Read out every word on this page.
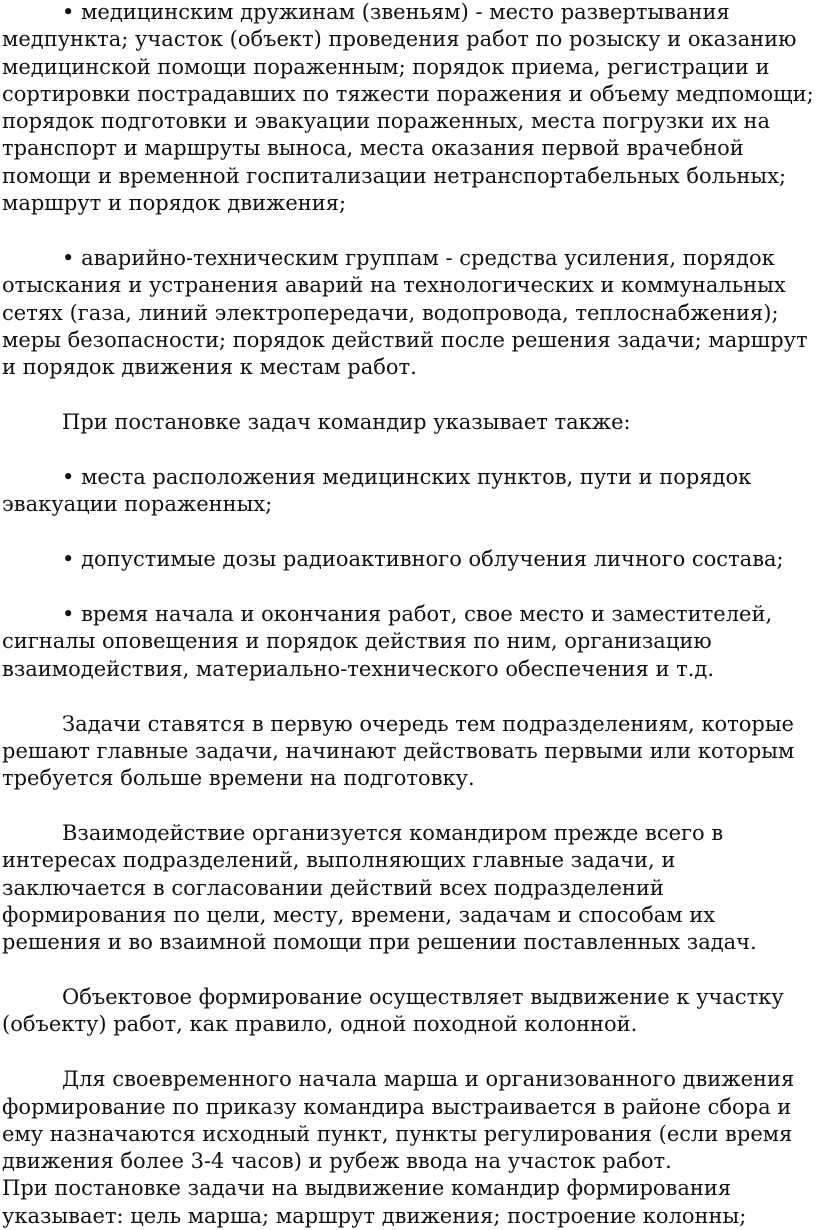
• медицинским дружинам (звеньям) - место развертывания медпункта; участок (объект) проведения работ по розыску и оказанию медицинской помощи пораженным; порядок приема, регистрации и сортировки пострадавших по тяжести поражения и объему медпомощи; порядок подготовки и эвакуации пораженных, места погрузки их на транспорт и маршруты выноса, места оказания первой врачебной помощи и временной госпитализации нетранспортабельных больных; маршрут и порядок движения;

• аварийно-техническим группам - средства усиления, порядок отыскания и устранения аварий на технологических и коммунальных сетях (газа, линий электропередачи, водопровода, теплоснабжения); меры безопасности; порядок действий после решения задачи; маршрут и порядок движения к местам работ.

При постановке задач командир указывает также:

• места расположения медицинских пунктов, пути и порядок эвакуации пораженных;

• допустимые дозы радиоактивного облучения личного состава;

• время начала и окончания работ, свое место и заместителей, сигналы оповещения и порядок действия по ним, организацию взаимодействия, материально-технического обеспечения и т.д.

Задачи ставятся в первую очередь тем подразделениям, которые решают главные задачи, начинают действовать первыми или которым требуется больше времени на подготовку.

Взаимодействие организуется командиром прежде всего в интересах подразделений, выполняющих главные задачи, и заключается в согласовании действий всех подразделений формирования по цели, месту, времени, задачам и способам их решения и во взаимной помощи при решении поставленных задач.

Объектовое формирование осуществляет выдвижение к участку (объекту) работ, как правило, одной походной колонной.

Для своевременного начала марша и организованного движения формирование по приказу командира выстраивается в районе сбора и ему назначаются исходный пункт, пункты регулирования (если время движения более 3-4 часов) и рубеж ввода на участок работ.

При постановке задачи на выдвижение командир формирования указывает: цель марша; маршрут движения; построение колонны;
